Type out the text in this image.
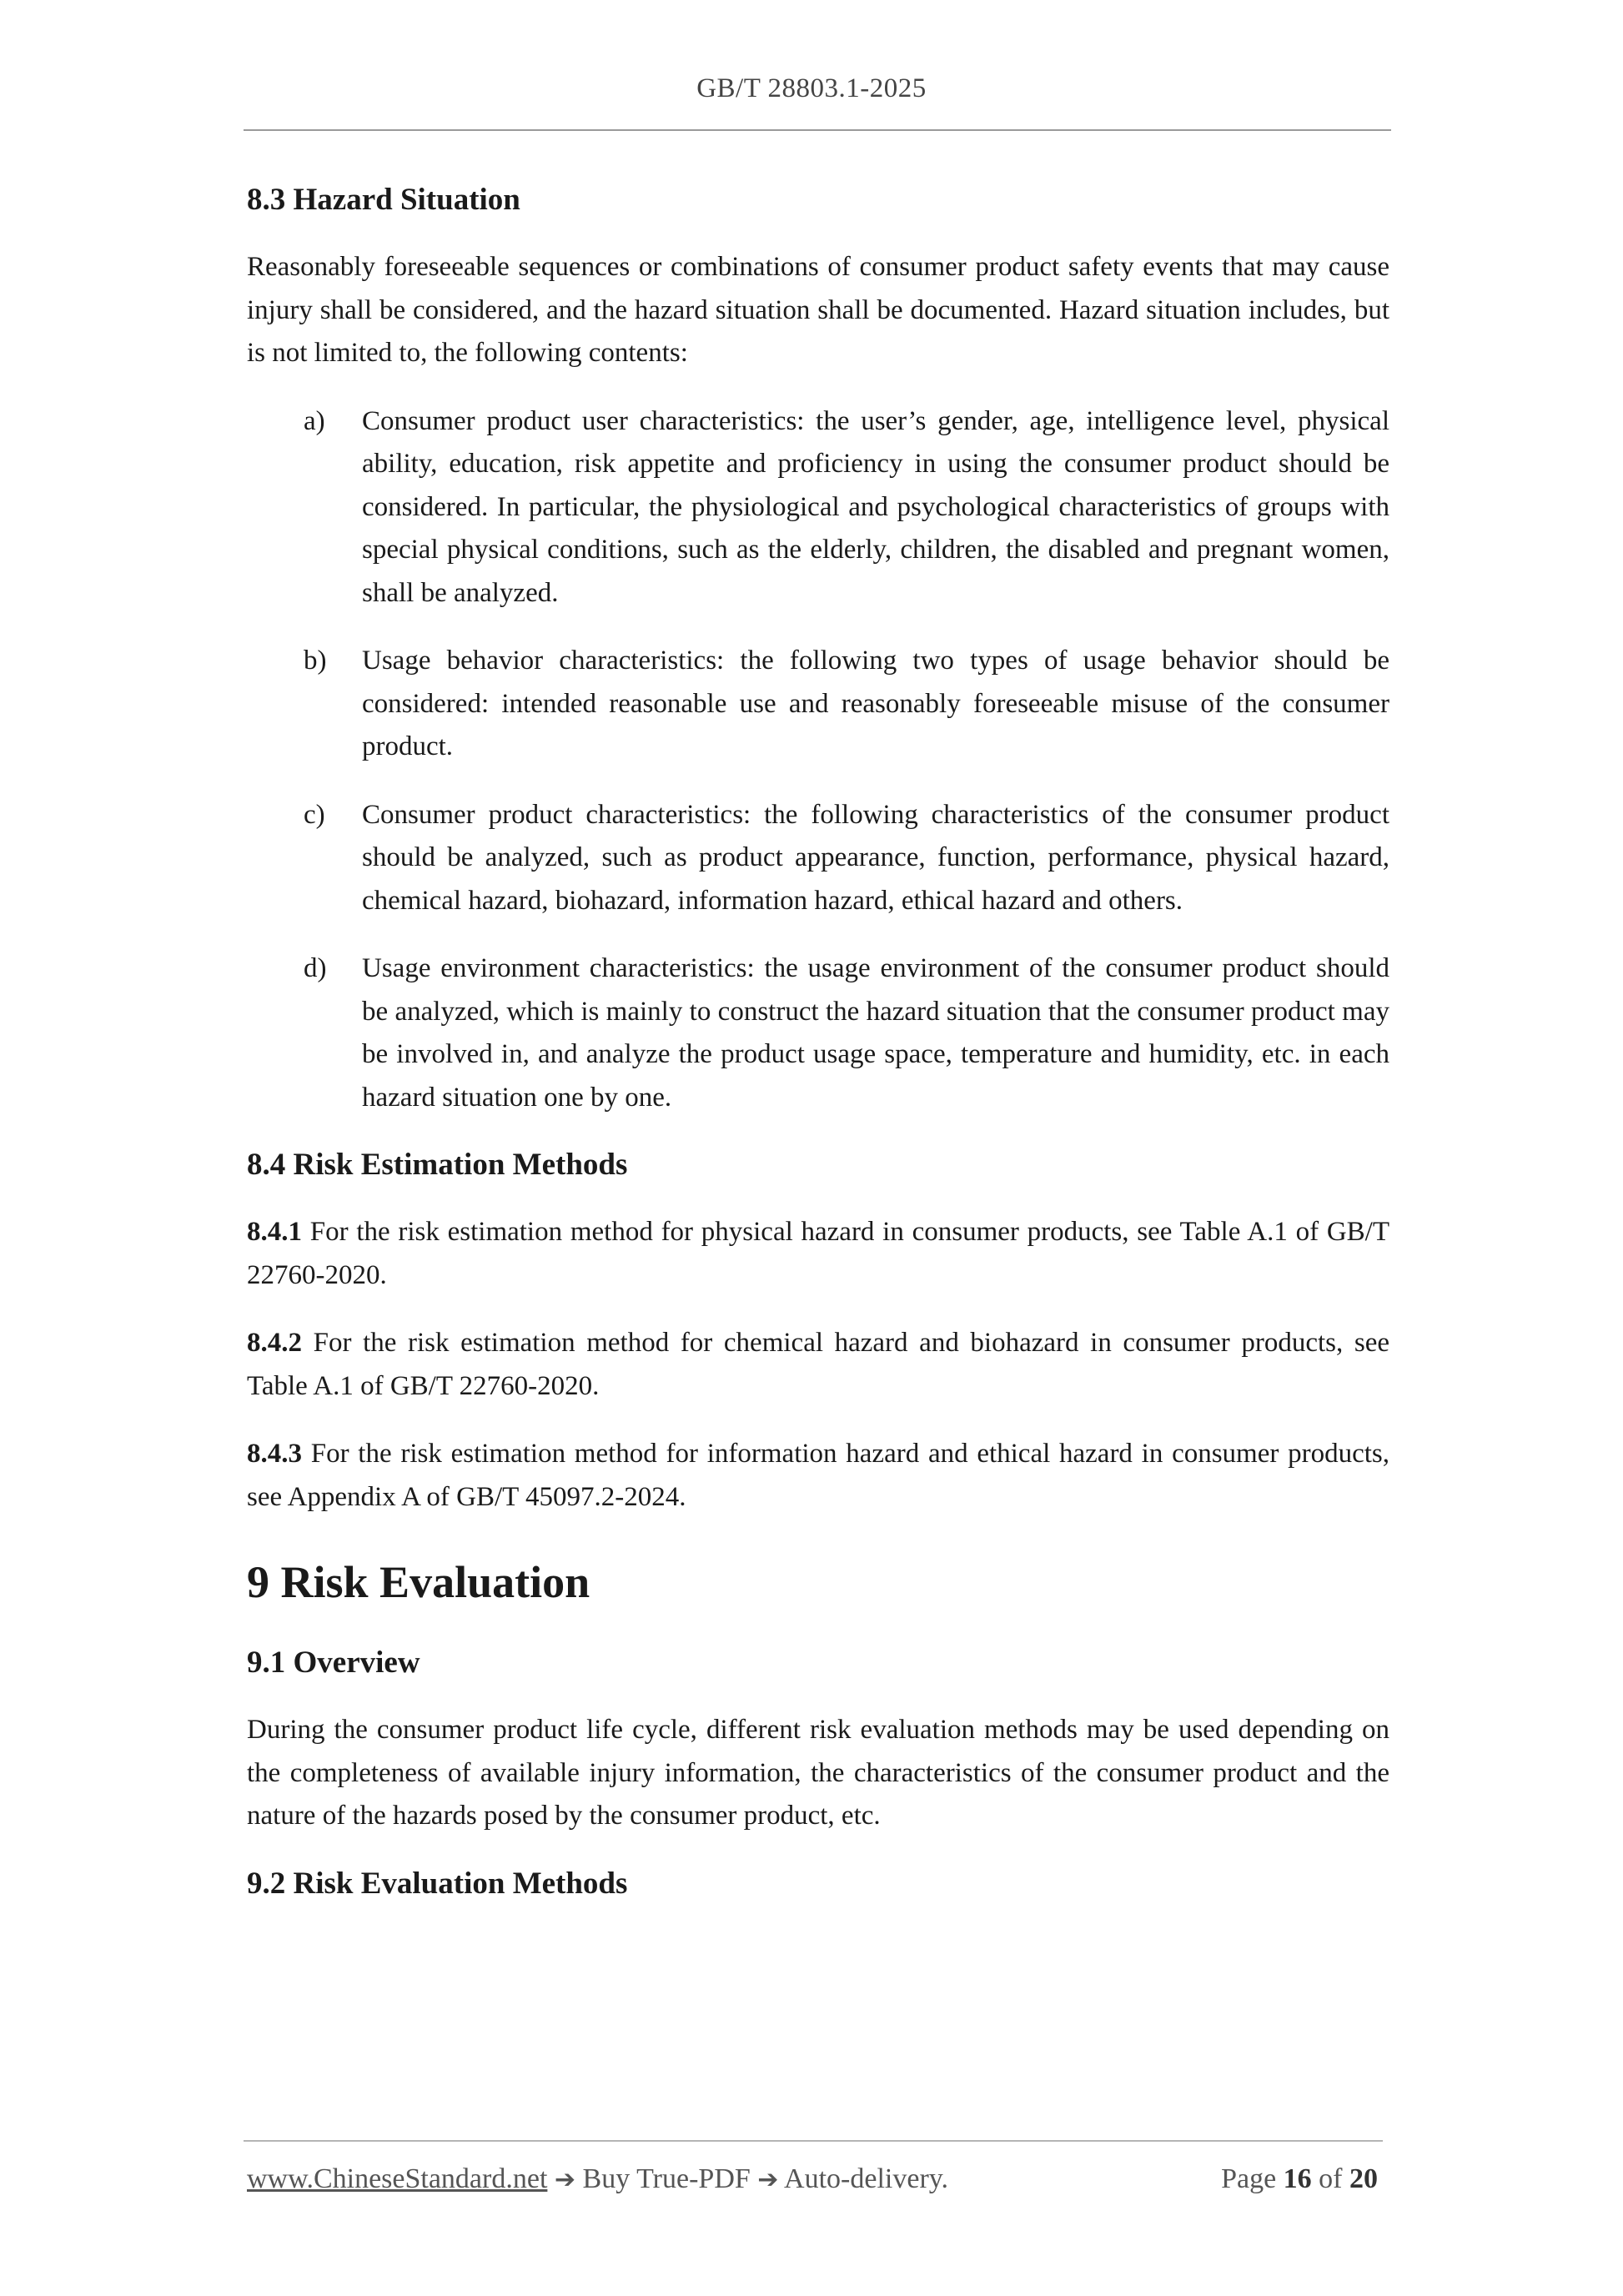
GB/T 28803.1-2025
8.3 Hazard Situation

Reasonably foreseeable sequences or combinations of consumer product safety events that may cause injury shall be considered, and the hazard situation shall be documented. Hazard situation includes, but is not limited to, the following contents:

a) Consumer product user characteristics: the user’s gender, age, intelligence level, physical ability, education, risk appetite and proficiency in using the consumer product should be considered. In particular, the physiological and psychological characteristics of groups with special physical conditions, such as the elderly, children, the disabled and pregnant women, shall be analyzed.

b) Usage behavior characteristics: the following two types of usage behavior should be considered: intended reasonable use and reasonably foreseeable misuse of the consumer product.

c) Consumer product characteristics: the following characteristics of the consumer product should be analyzed, such as product appearance, function, performance, physical hazard, chemical hazard, biohazard, information hazard, ethical hazard and others.

d) Usage environment characteristics: the usage environment of the consumer product should be analyzed, which is mainly to construct the hazard situation that the consumer product may be involved in, and analyze the product usage space, temperature and humidity, etc. in each hazard situation one by one.

8.4 Risk Estimation Methods

8.4.1 For the risk estimation method for physical hazard in consumer products, see Table A.1 of GB/T 22760-2020.

8.4.2 For the risk estimation method for chemical hazard and biohazard in consumer products, see Table A.1 of GB/T 22760-2020.

8.4.3 For the risk estimation method for information hazard and ethical hazard in consumer products, see Appendix A of GB/T 45097.2-2024.

9 Risk Evaluation
9.1 Overview

During the consumer product life cycle, different risk evaluation methods may be used depending on the completeness of available injury information, the characteristics of the consumer product and the nature of the hazards posed by the consumer product, etc.

9.2 Risk Evaluation Methods
www.ChineseStandard.net ➔ Buy True-PDF ➔ Auto-delivery.	Page 16 of 20
